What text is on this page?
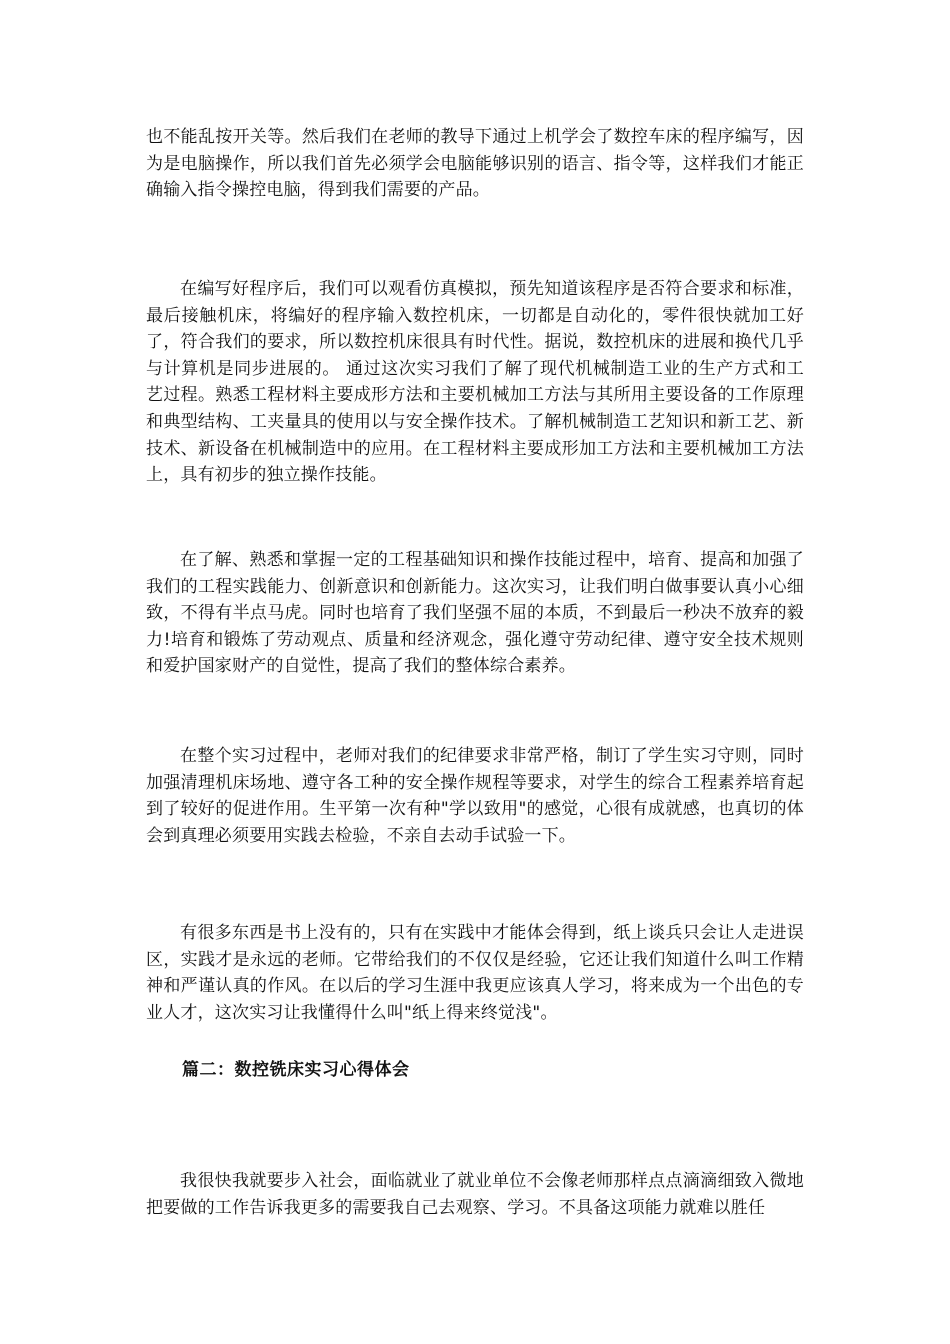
也不能乱按开关等。然后我们在老师的教导下通过上机学会了数控车床的程序编写，因为是电脑操作，所以我们首先必须学会电脑能够识别的语言、指令等，这样我们才能正确输入指令操控电脑，得到我们需要的产品。

在编写好程序后，我们可以观看仿真模拟，预先知道该程序是否符合要求和标准，最后接触机床，将编好的程序输入数控机床，一切都是自动化的，零件很快就加工好了，符合我们的要求，所以数控机床很具有时代性。据说，数控机床的进展和换代几乎与计算机是同步进展的。 通过这次实习我们了解了现代机械制造工业的生产方式和工艺过程。熟悉工程材料主要成形方法和主要机械加工方法与其所用主要设备的工作原理和典型结构、工夹量具的使用以与安全操作技术。了解机械制造工艺知识和新工艺、新技术、新设备在机械制造中的应用。在工程材料主要成形加工方法和主要机械加工方法上，具有初步的独立操作技能。

在了解、熟悉和掌握一定的工程基础知识和操作技能过程中，培育、提高和加强了我们的工程实践能力、创新意识和创新能力。这次实习，让我们明白做事要认真小心细致，不得有半点马虎。同时也培育了我们坚强不屈的本质，不到最后一秒决不放弃的毅力!培育和锻炼了劳动观点、质量和经济观念，强化遵守劳动纪律、遵守安全技术规则和爱护国家财产的自觉性，提高了我们的整体综合素养。

在整个实习过程中，老师对我们的纪律要求非常严格，制订了学生实习守则，同时加强清理机床场地、遵守各工种的安全操作规程等要求，对学生的综合工程素养培育起到了较好的促进作用。生平第一次有种"学以致用"的感觉，心很有成就感，也真切的体会到真理必须要用实践去检验，不亲自去动手试验一下。

有很多东西是书上没有的，只有在实践中才能体会得到，纸上谈兵只会让人走进误区，实践才是永远的老师。它带给我们的不仅仅是经验，它还让我们知道什么叫工作精神和严谨认真的作风。在以后的学习生涯中我更应该真人学习，将来成为一个出色的专业人才，这次实习让我懂得什么叫"纸上得来终觉浅"。

篇二：数控铣床实习心得体会

我很快我就要步入社会，面临就业了就业单位不会像老师那样点点滴滴细致入微地把要做的工作告诉我更多的需要我自己去观察、学习。不具备这项能力就难以胜任
